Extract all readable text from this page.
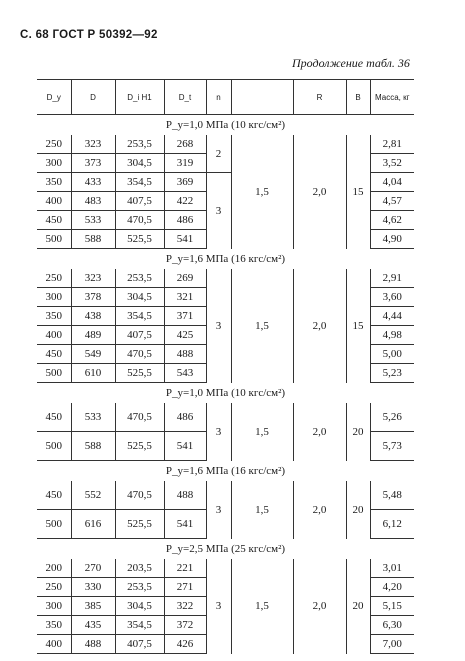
С. 68 ГОСТ Р 50392—92
Продолжение табл. 36
D_y	D	D_i H1	D_t	n		R	B	Масса, кг
P_y=1,0 МПа (10 кгс/см²)								
250	323	253,5	268	2	1,5	2,0	15	2,81
300	373	304,5	319					3,52
350	433	354,5	369	3				4,04
400	483	407,5	422					4,57
450	533	470,5	486					4,62
500	588	525,5	541					4,90
P_y=1,6 МПа (16 кгс/см²)								
250	323	253,5	269	3	1,5	2,0	15	2,91
300	378	304,5	321					3,60
350	438	354,5	371					4,44
400	489	407,5	425					4,98
450	549	470,5	488					5,00
500	610	525,5	543					5,23
P_y=1,0 МПа (10 кгс/см²)								
450	533	470,5	486	3	1,5	2,0	20	5,26
500	588	525,5	541					5,73
P_y=1,6 МПа (16 кгс/см²)								
450	552	470,5	488	3	1,5	2,0	20	5,48
500	616	525,5	541					6,12
P_y=2,5 МПа (25 кгс/см²)								
200	270	203,5	221	3	1,5	2,0	20	3,01
250	330	253,5	271					4,20
300	385	304,5	322					5,15
350	435	354,5	372					6,30
400	488	407,5	426					7,00
